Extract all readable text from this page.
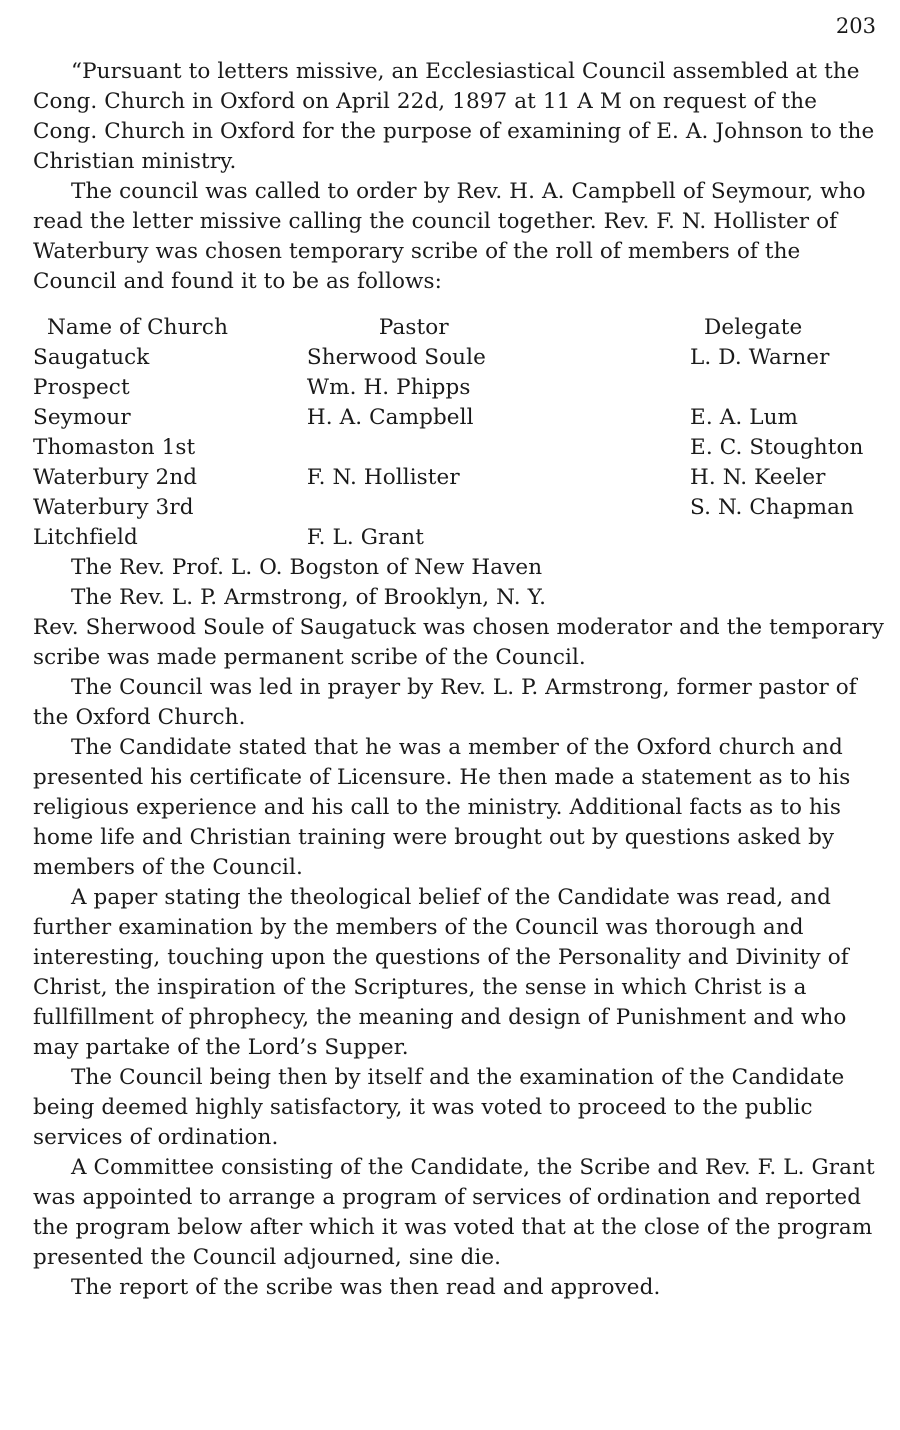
203

“Pursuant to letters missive, an Ecclesiastical Council assembled at the Cong. Church in Oxford on April 22d, 1897 at 11 A M on request of the Cong. Church in Oxford for the purpose of examining of E. A. Johnson to the Christian ministry.

The council was called to order by Rev. H. A. Campbell of Seymour, who read the letter missive calling the council together. Rev. F. N. Hollister of Waterbury was chosen temporary scribe of the roll of members of the Council and found it to be as follows:

Name of Church	Pastor	Delegate
Saugatuck	Sherwood Soule	L. D. Warner
Prospect	Wm. H. Phipps	
Seymour	H. A. Campbell	E. A. Lum
Thomaston 1st		E. C. Stoughton
Waterbury 2nd	F. N. Hollister	H. N. Keeler
Waterbury 3rd		S. N. Chapman
Litchfield	F. L. Grant	

The Rev. Prof. L. O. Bogston of New Haven

The Rev. L. P. Armstrong, of Brooklyn, N. Y.

Rev. Sherwood Soule of Saugatuck was chosen moderator and the temporary scribe was made permanent scribe of the Council.

The Council was led in prayer by Rev. L. P. Armstrong, former pastor of the Oxford Church.

The Candidate stated that he was a member of the Oxford church and presented his certificate of Licensure. He then made a statement as to his religious experience and his call to the ministry. Additional facts as to his home life and Christian training were brought out by questions asked by members of the Council.

A paper stating the theological belief of the Candidate was read, and further examination by the members of the Council was thorough and interesting, touching upon the questions of the Personality and Divinity of Christ, the inspiration of the Scriptures, the sense in which Christ is a fullfillment of phrophecy, the meaning and design of Punishment and who may partake of the Lord’s Supper.

The Council being then by itself and the examination of the Candidate being deemed highly satisfactory, it was voted to proceed to the public services of ordination.

A Committee consisting of the Candidate, the Scribe and Rev. F. L. Grant was appointed to arrange a program of services of ordination and reported the program below after which it was voted that at the close of the program presented the Council adjourned, sine die.

The report of the scribe was then read and approved.
